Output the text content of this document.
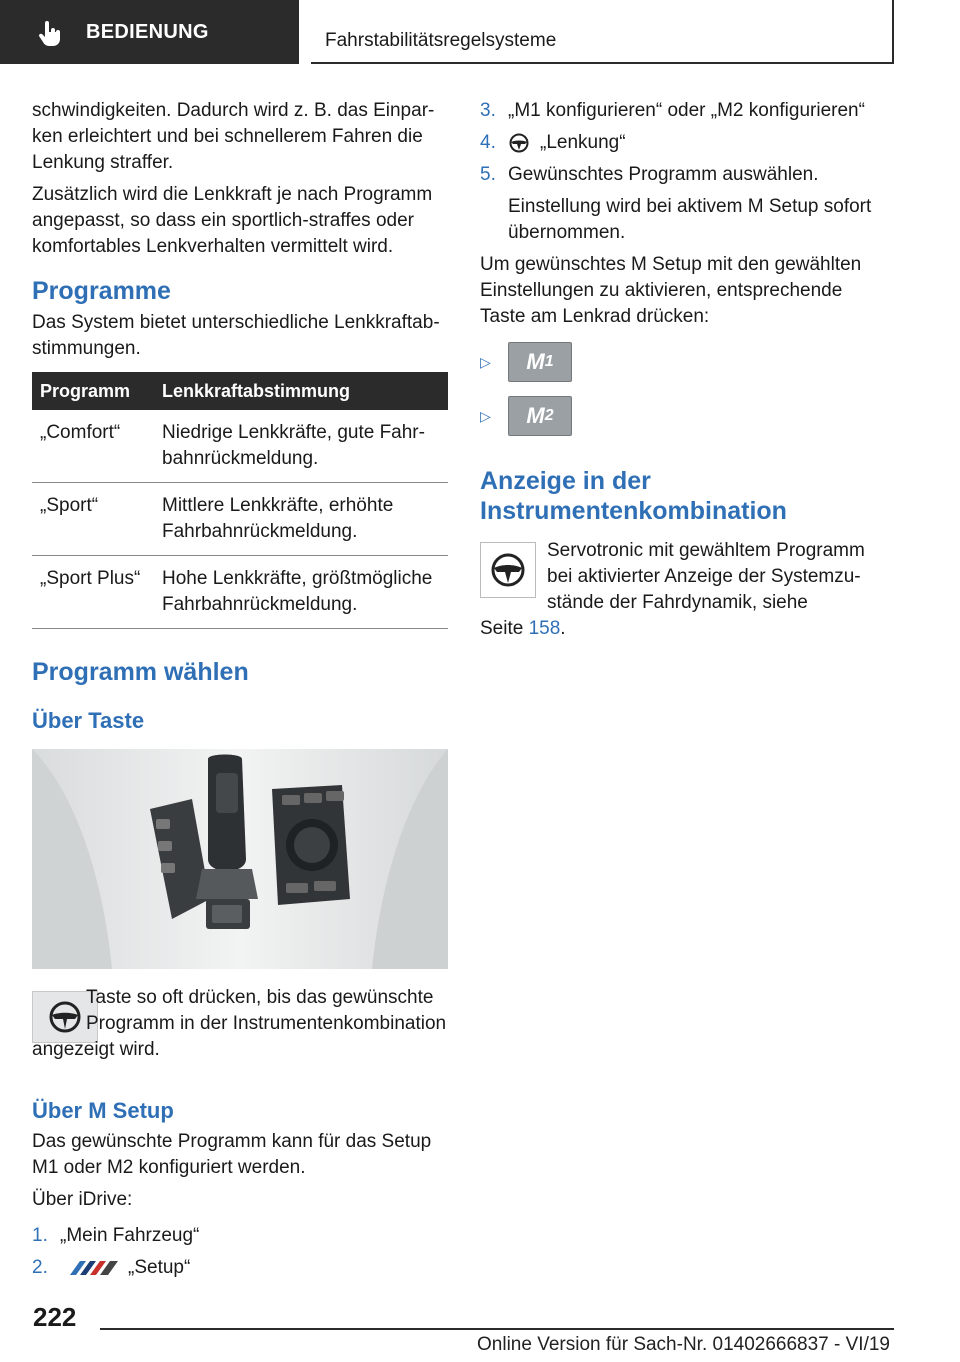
BEDIENUNG	Fahrstabilitätsregelsysteme

schwindigkeiten. Dadurch wird z. B. das Einparken erleichtert und bei schnellerem Fahren die Lenkung straffer.

Zusätzlich wird die Lenkkraft je nach Programm angepasst, so dass ein sportlich-straffes oder komfortables Lenkverhalten vermittelt wird.

Programme

Das System bietet unterschiedliche Lenkkraftabstimmungen.

Programm	Lenkkraftabstimmung
„Comfort“	Niedrige Lenkkräfte, gute Fahrbahnrückmeldung.
„Sport“	Mittlere Lenkkräfte, erhöhte Fahrbahnrückmeldung.
„Sport Plus“	Hohe Lenkkräfte, größtmögliche Fahrbahnrückmeldung.
Programm wählen
Über Taste

Taste so oft drücken, bis das gewünschte

Programm in der Instrumentenkombination

angezeigt wird.

Über M Setup

Das gewünschte Programm kann für das Setup M1 oder M2 konfiguriert werden.

Über iDrive:

1. „Mein Fahrzeug“
2.	„Setup“
3. „M1 konfigurieren“ oder „M2 konfigurieren“
4.	„Lenkung“
5. Gewünschtes Programm auswählen.

Einstellung wird bei aktivem M Setup sofort übernommen.

Um gewünschtes M Setup mit den gewählten Einstellungen zu aktivieren, entsprechende Taste am Lenkrad drücken:

▷	M 1
▷	M 2
Anzeige in der Instrumentenkombination

Servotronic mit gewähltem Programm

bei aktivierter Anzeige der Systemzu-

stände der Fahrdynamik, siehe

Seite 158.

222
Online Version für Sach-Nr. 01402666837 - VI/19
